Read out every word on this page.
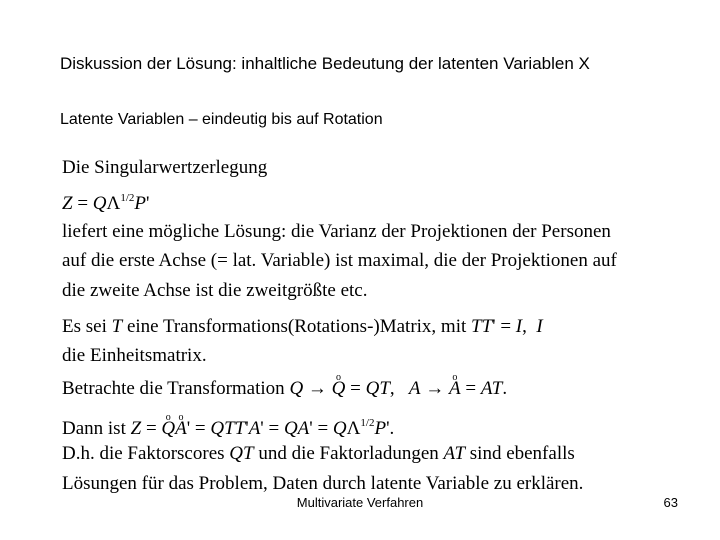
Diskussion der Lösung: inhaltliche Bedeutung der latenten Variablen X
Latente Variablen – eindeutig bis auf Rotation
Die Singularwertzerlegung
$Z = Q\Lambda^{1/2}P'$
liefert eine mögliche Lösung: die Varianz der Projektionen der Personen
auf die erste Achse (= lat. Variable) ist maximal, die der Projektionen auf
die zweite Achse ist die zweitgrößte etc.
Es sei T eine Transformations(Rotations-)Matrix, mit TT' = I,  I
die Einheitsmatrix.
Betrachte die Transformation Q → o Q = QT,   A → o A = AT.
Dann ist Z = o Qo $A' = QTT'A' = QA' = Q\Lambda^{1/2}P'$.
D.h. die Faktorscores QT und die Faktorladungen AT sind ebenfalls
Lösungen für das Problem, Daten durch latente Variable zu erklären.
Multivariate Verfahren	63
